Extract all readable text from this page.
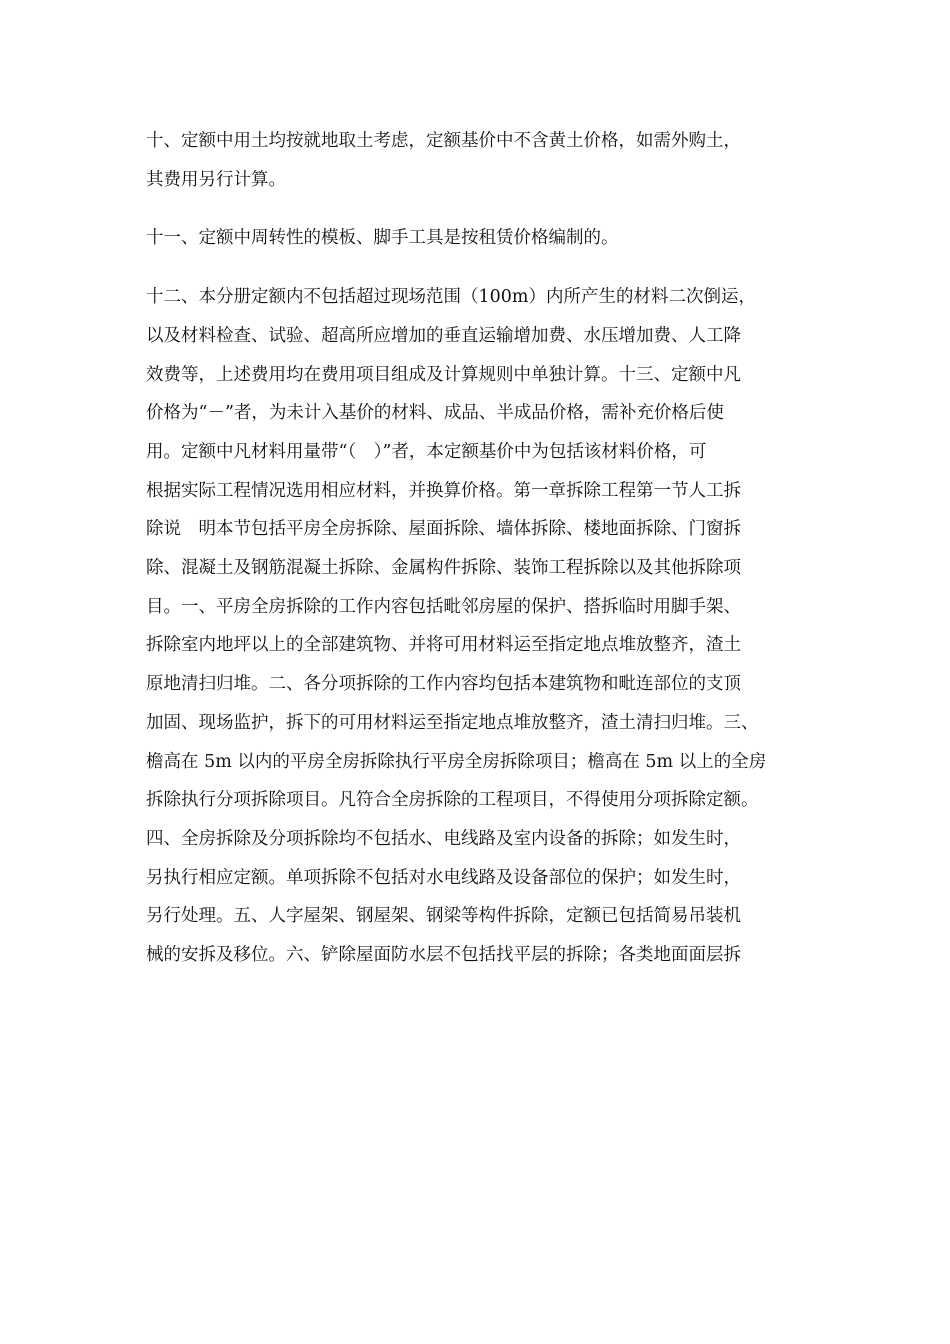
十、定额中用土均按就地取土考虑，定额基价中不含黄土价格，如需外购土，
其费用另行计算。

十一、定额中周转性的模板、脚手工具是按租赁价格编制的。

十二、本分册定额内不包括超过现场范围（100m）内所产生的材料二次倒运，
以及材料检查、试验、超高所应增加的垂直运输增加费、水压增加费、人工降
效费等，上述费用均在费用项目组成及计算规则中单独计算。十三、定额中凡
价格为“－”者，为未计入基价的材料、成品、半成品价格，需补充价格后使
用。定额中凡材料用量带“（　）”者，本定额基价中为包括该材料价格，可
根据实际工程情况选用相应材料，并换算价格。第一章拆除工程第一节人工拆
除说　明本节包括平房全房拆除、屋面拆除、墙体拆除、楼地面拆除、门窗拆
除、混凝土及钢筋混凝土拆除、金属构件拆除、装饰工程拆除以及其他拆除项
目。一、平房全房拆除的工作内容包括毗邻房屋的保护、搭拆临时用脚手架、
拆除室内地坪以上的全部建筑物、并将可用材料运至指定地点堆放整齐，渣土
原地清扫归堆。二、各分项拆除的工作内容均包括本建筑物和毗连部位的支顶
加固、现场监护，拆下的可用材料运至指定地点堆放整齐，渣土清扫归堆。三、
檐高在 5m 以内的平房全房拆除执行平房全房拆除项目；檐高在 5m 以上的全房
拆除执行分项拆除项目。凡符合全房拆除的工程项目，不得使用分项拆除定额。
四、全房拆除及分项拆除均不包括水、电线路及室内设备的拆除；如发生时，
另执行相应定额。单项拆除不包括对水电线路及设备部位的保护；如发生时，
另行处理。五、人字屋架、钢屋架、钢梁等构件拆除，定额已包括简易吊装机
械的安拆及移位。六、铲除屋面防水层不包括找平层的拆除；各类地面面层拆
